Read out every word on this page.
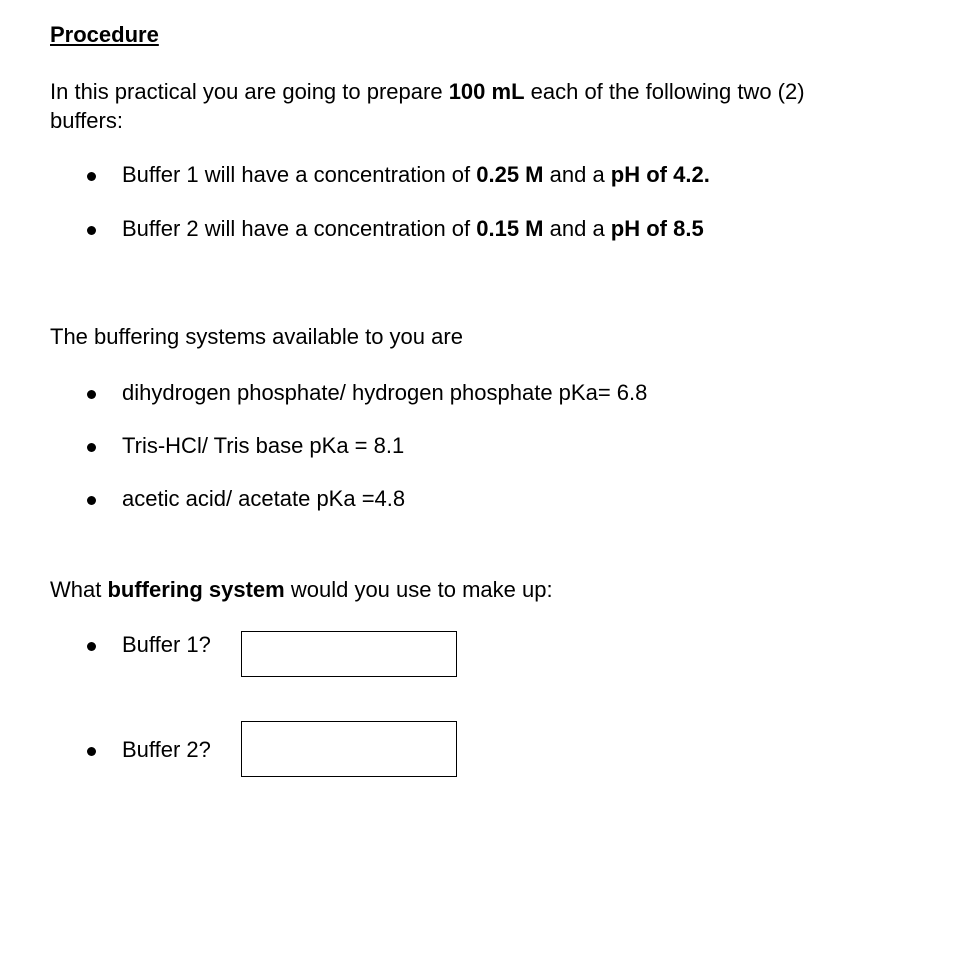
Procedure
In this practical you are going to prepare 100 mL each of the following two (2)
buffers:
Buffer 1 will have a concentration of 0.25 M and a pH of 4.2.
Buffer 2 will have a concentration of 0.15 M and a pH of 8.5
The buffering systems available to you are
dihydrogen phosphate/ hydrogen phosphate pKa= 6.8
Tris-HCl/ Tris base pKa = 8.1
acetic acid/ acetate pKa =4.8
What buffering system would you use to make up:
Buffer 1?
Buffer 2?
